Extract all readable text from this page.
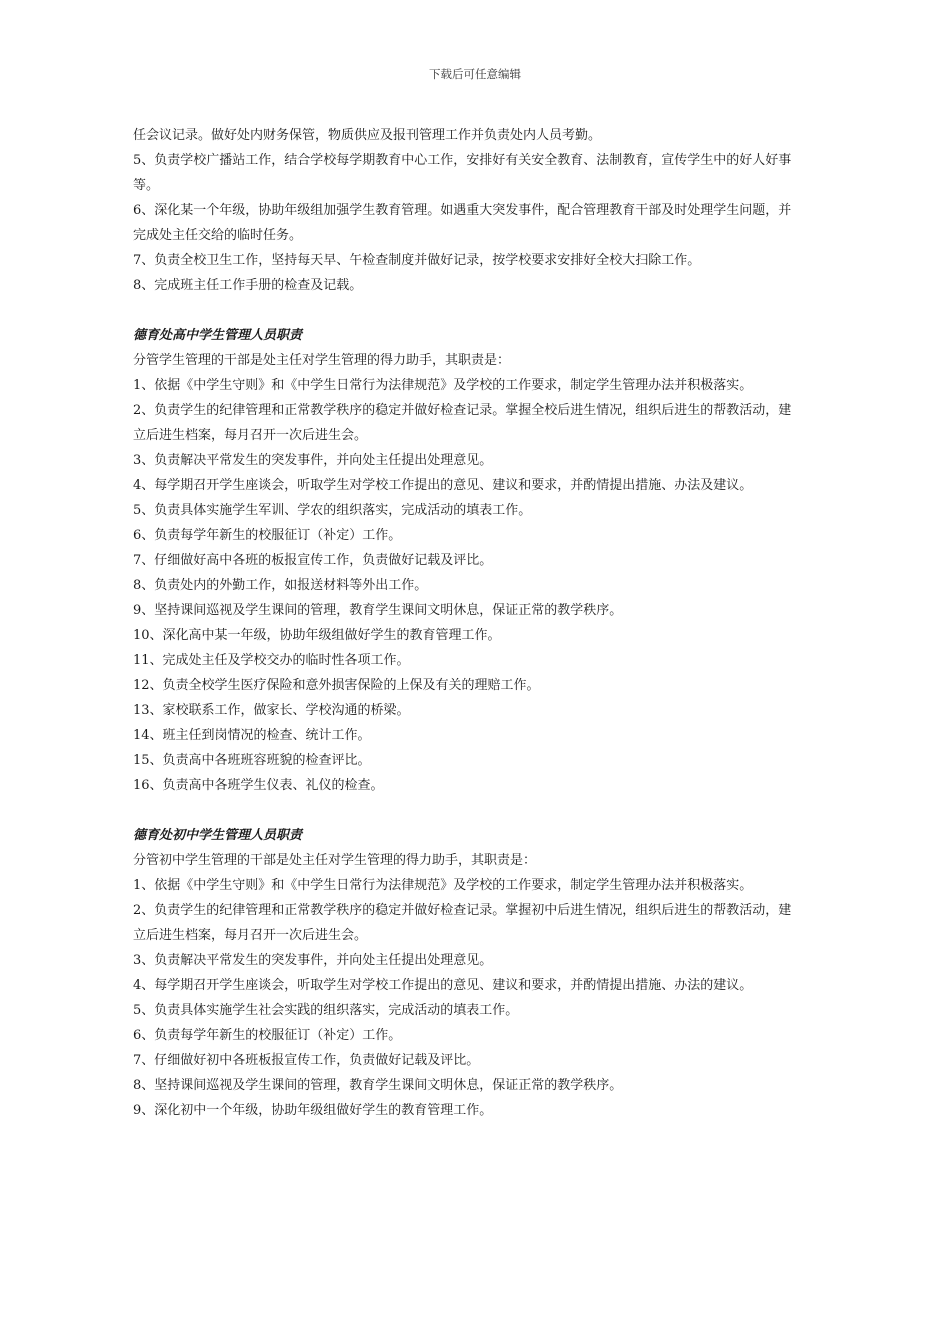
下载后可任意编辑

任会议记录。做好处内财务保管，物质供应及报刊管理工作并负责处内人员考勤。

5、负责学校广播站工作，结合学校每学期教育中心工作，安排好有关安全教育、法制教育，宣传学生中的好人好事等。

6、深化某一个年级，协助年级组加强学生教育管理。如遇重大突发事件，配合管理教育干部及时处理学生问题，并完成处主任交给的临时任务。

7、负责全校卫生工作，坚持每天早、午检查制度并做好记录，按学校要求安排好全校大扫除工作。

8、完成班主任工作手册的检查及记载。

德育处高中学生管理人员职责

分管学生管理的干部是处主任对学生管理的得力助手，其职责是：

1、依据《中学生守则》和《中学生日常行为法律规范》及学校的工作要求，制定学生管理办法并积极落实。

2、负责学生的纪律管理和正常教学秩序的稳定并做好检查记录。掌握全校后进生情况，组织后进生的帮教活动，建立后进生档案，每月召开一次后进生会。

3、负责解决平常发生的突发事件，并向处主任提出处理意见。

4、每学期召开学生座谈会，听取学生对学校工作提出的意见、建议和要求，并酌情提出措施、办法及建议。

5、负责具体实施学生军训、学农的组织落实，完成活动的填表工作。

6、负责每学年新生的校服征订（补定）工作。

7、仔细做好高中各班的板报宣传工作，负责做好记载及评比。

8、负责处内的外勤工作，如报送材料等外出工作。

9、坚持课间巡视及学生课间的管理，教育学生课间文明休息，保证正常的教学秩序。

10、深化高中某一年级，协助年级组做好学生的教育管理工作。

11、完成处主任及学校交办的临时性各项工作。

12、负责全校学生医疗保险和意外损害保险的上保及有关的理赔工作。

13、家校联系工作，做家长、学校沟通的桥梁。

14、班主任到岗情况的检查、统计工作。

15、负责高中各班班容班貌的检查评比。

16、负责高中各班学生仪表、礼仪的检查。

德育处初中学生管理人员职责

分管初中学生管理的干部是处主任对学生管理的得力助手，其职责是：

1、依据《中学生守则》和《中学生日常行为法律规范》及学校的工作要求，制定学生管理办法并积极落实。

2、负责学生的纪律管理和正常教学秩序的稳定并做好检查记录。掌握初中后进生情况，组织后进生的帮教活动，建立后进生档案，每月召开一次后进生会。

3、负责解决平常发生的突发事件，并向处主任提出处理意见。

4、每学期召开学生座谈会，听取学生对学校工作提出的意见、建议和要求，并酌情提出措施、办法的建议。

5、负责具体实施学生社会实践的组织落实，完成活动的填表工作。

6、负责每学年新生的校服征订（补定）工作。

7、仔细做好初中各班板报宣传工作，负责做好记载及评比。

8、坚持课间巡视及学生课间的管理，教育学生课间文明休息，保证正常的教学秩序。

9、深化初中一个年级，协助年级组做好学生的教育管理工作。
